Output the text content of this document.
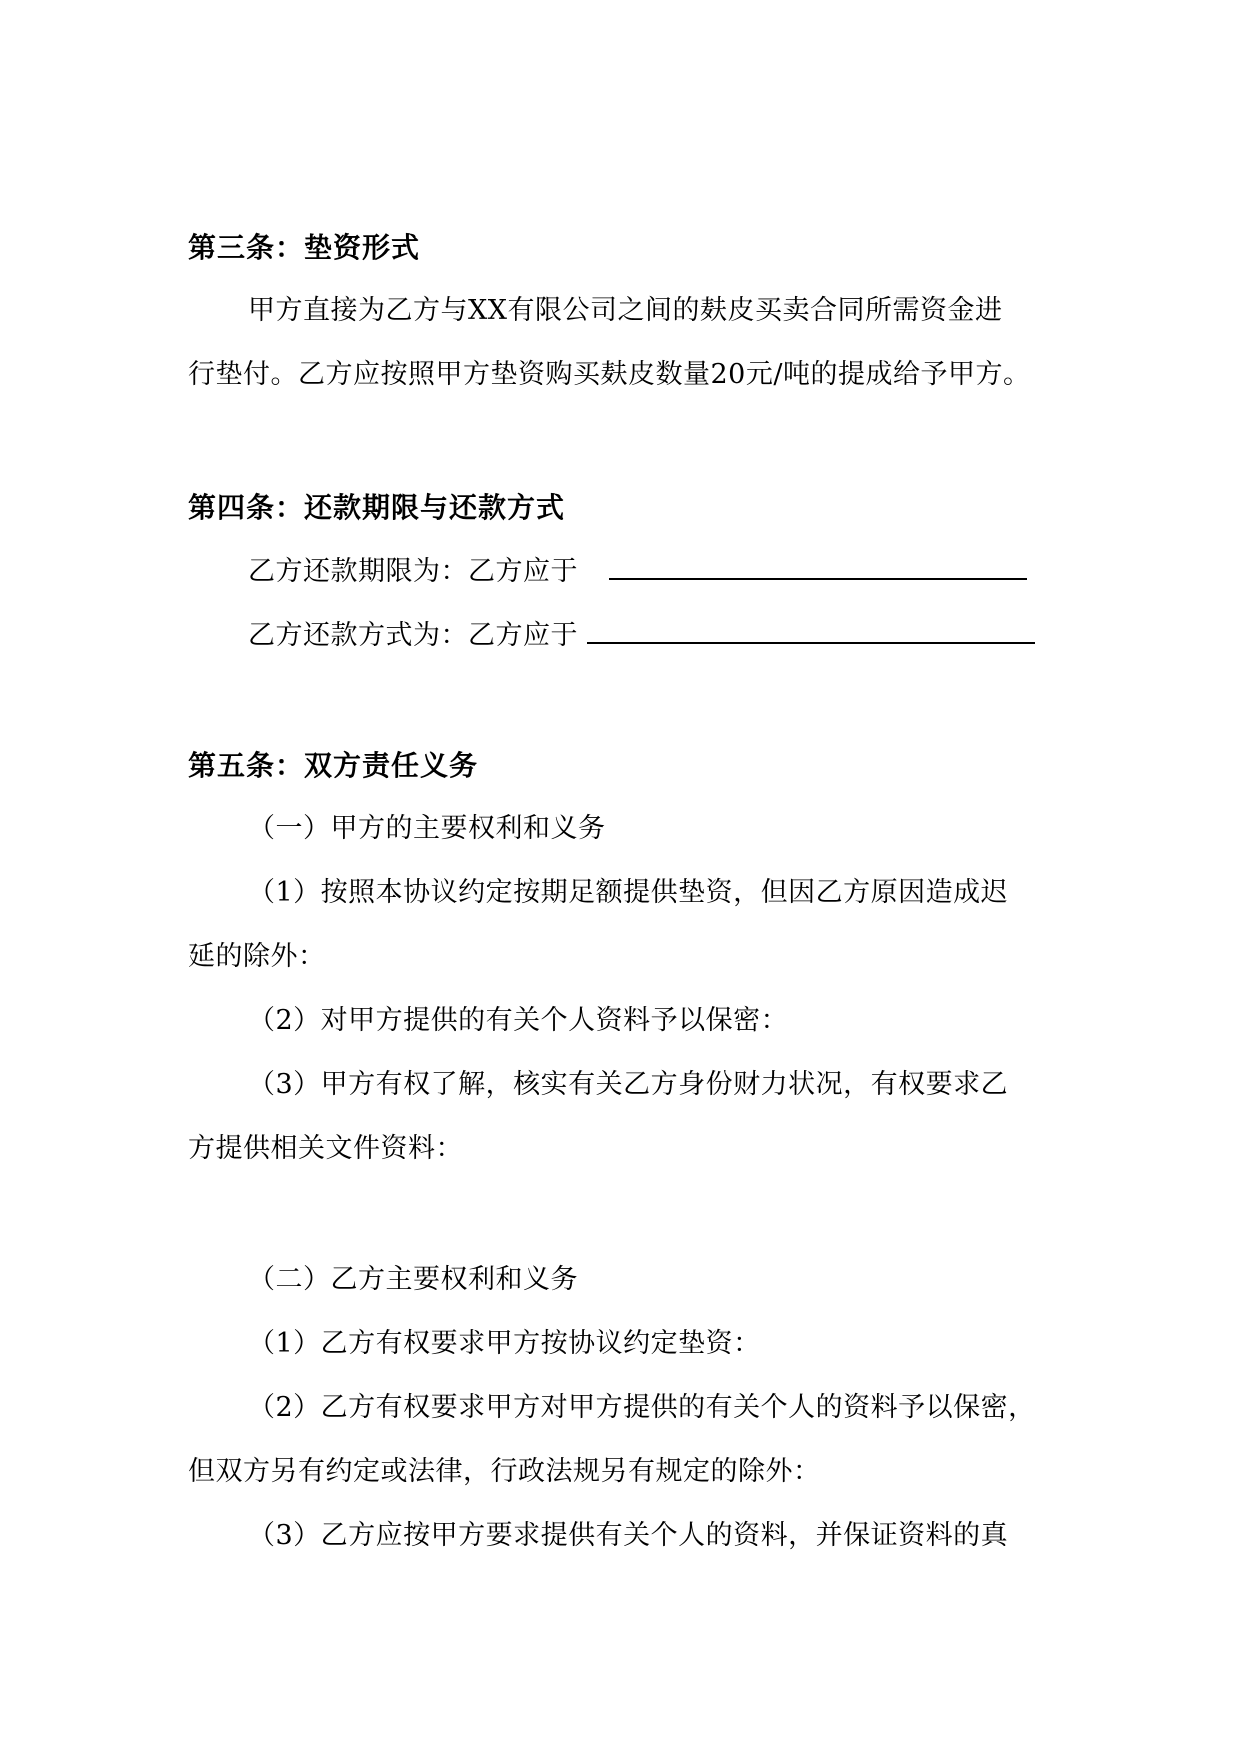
第三条：垫资形式
甲方直接为乙方与XX有限公司之间的麸皮买卖合同所需资金进
行垫付。乙方应按照甲方垫资购买麸皮数量20元/吨的提成给予甲方。
第四条：还款期限与还款方式
乙方还款期限为：乙方应于
乙方还款方式为：乙方应于
第五条：双方责任义务
（一）甲方的主要权利和义务
（1）按照本协议约定按期足额提供垫资，但因乙方原因造成迟
延的除外：
（2）对甲方提供的有关个人资料予以保密：
（3）甲方有权了解，核实有关乙方身份财力状况，有权要求乙
方提供相关文件资料：
（二）乙方主要权利和义务
（1）乙方有权要求甲方按协议约定垫资：
（2）乙方有权要求甲方对甲方提供的有关个人的资料予以保密，
但双方另有约定或法律，行政法规另有规定的除外：
（3）乙方应按甲方要求提供有关个人的资料，并保证资料的真
